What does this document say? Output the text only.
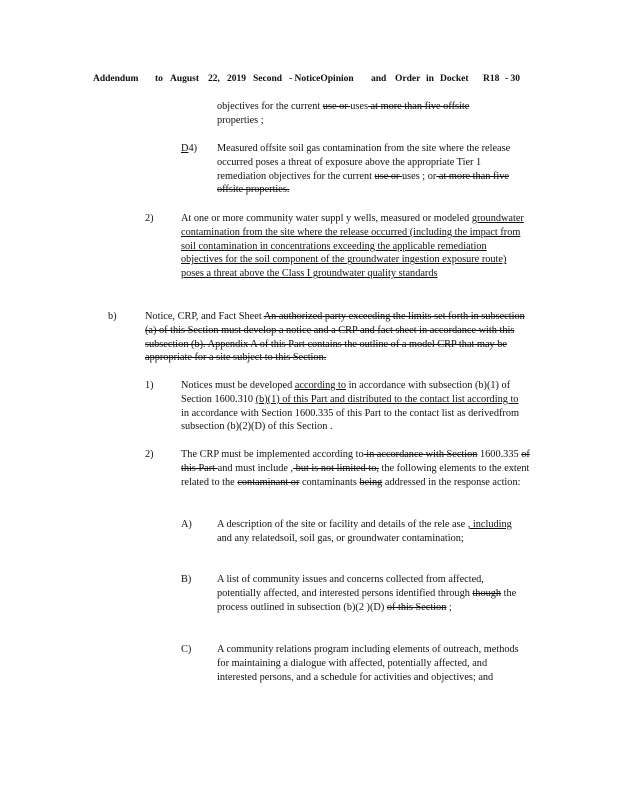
Addendum to August 22, 2019 Second - NoticeOpinion and Order in Docket R18 - 30
objectives for the current use or uses at more than five offsite
properties ;
D4) Measured offsite soil gas contamination from the site where the release occurred poses a threat of exposure above the appropriate Tier 1 remediation objectives for the current use or uses ; or at more than five offsite properties.
2)	At one or more community water suppl y wells, measured or modeled groundwater contamination from the site where the release occurred (including the impact from soil contamination in concentrations exceeding the applicable remediation objectives for the soil component of the groundwater ingestion exposure route) poses a threat above the Class I groundwater quality standards
b)	Notice, CRP, and Fact Sheet An authorized party exceeding the limits set forth in subsection (a) of this Section must develop a notice and a CRP and fact sheet in accordance with this subsection (b). Appendix A of this Part contains the outline of a model CRP that may be appropriate for a site subject to this Section.
1)	Notices must be developed according to in accordance with subsection (b)(1) of Section 1600.310 (b)(1) of this Part and distributed to the contact list according to in accordance with Section 1600.335 of this Part to the contact list as derivedfrom subsection (b)(2)(D) of this Section .
2)	The CRP must be implemented according to in accordance with Section 1600.335 of this Part and must include , but is not limited to, the following elements to the extent related to the contaminant or contaminants being addressed in the response action:
A) A description of the site or facility and details of the rele ase , including and any relatedsoil, soil gas, or groundwater contamination;
B) A list of community issues and concerns collected from affected, potentially affected, and interested persons identified through though the process outlined in subsection (b)(2 )(D) of this Section ;
C) A community relations program including elements of outreach, methods for maintaining a dialogue with affected, potentially affected, and interested persons, and a schedule for activities and objectives; and
